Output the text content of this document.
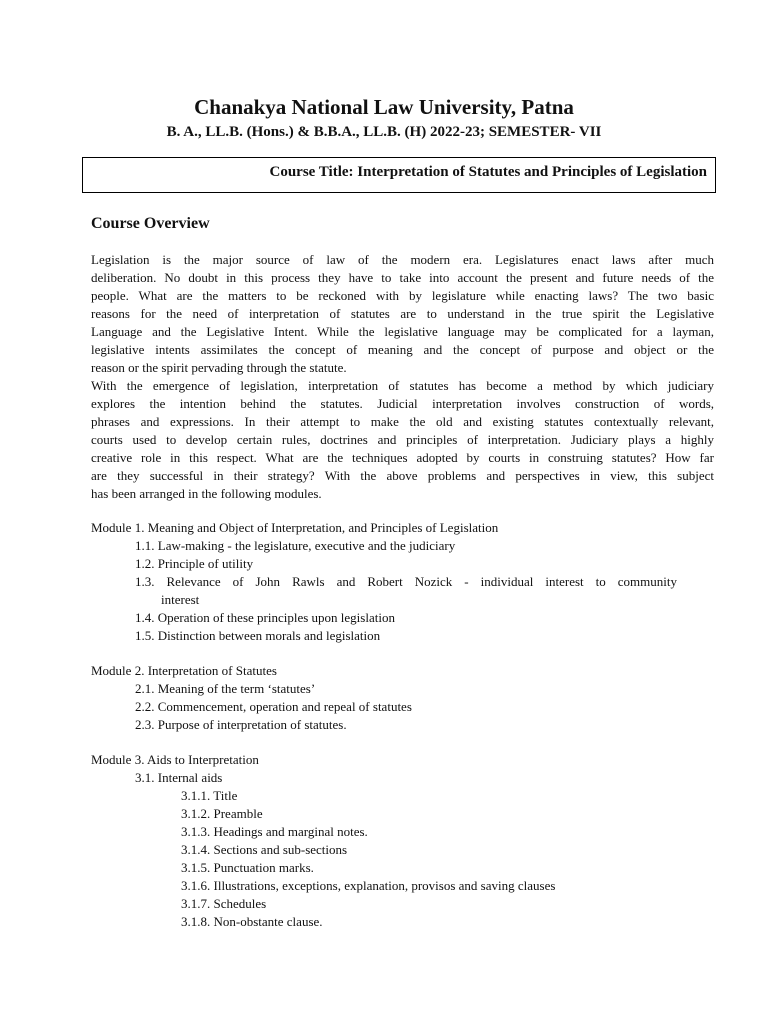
Chanakya National Law University, Patna
B. A., LL.B. (Hons.) & B.B.A., LL.B. (H) 2022-23; SEMESTER- VII
Course Title: Interpretation of Statutes and Principles of Legislation
Course Overview
Legislation is the major source of law of the modern era. Legislatures enact laws after much
deliberation. No doubt in this process they have to take into account the present and future needs of the
people. What are the matters to be reckoned with by legislature while enacting laws? The two basic
reasons for the need of interpretation of statutes are to understand in the true spirit the Legislative
Language and the Legislative Intent. While the legislative language may be complicated for a layman,
legislative intents assimilates the concept of meaning and the concept of purpose and object or the
reason or the spirit pervading through the statute.
With the emergence of legislation, interpretation of statutes has become a method by which judiciary
explores the intention behind the statutes. Judicial interpretation involves construction of words,
phrases and expressions. In their attempt to make the old and existing statutes contextually relevant,
courts used to develop certain rules, doctrines and principles of interpretation. Judiciary plays a highly
creative role in this respect. What are the techniques adopted by courts in construing statutes? How far
are they successful in their strategy? With the above problems and perspectives in view, this subject
has been arranged in the following modules.
Module 1. Meaning and Object of Interpretation, and Principles of Legislation
1.1. Law-making - the legislature, executive and the judiciary
1.2. Principle of utility
1.3. Relevance of John Rawls and Robert Nozick - individual interest to community
interest
1.4. Operation of these principles upon legislation
1.5. Distinction between morals and legislation
Module 2. Interpretation of Statutes
2.1. Meaning of the term ‘statutes’
2.2. Commencement, operation and repeal of statutes
2.3. Purpose of interpretation of statutes.
Module 3. Aids to Interpretation
3.1. Internal aids
3.1.1. Title
3.1.2. Preamble
3.1.3. Headings and marginal notes.
3.1.4. Sections and sub-sections
3.1.5. Punctuation marks.
3.1.6. Illustrations, exceptions, explanation, provisos and saving clauses
3.1.7. Schedules
3.1.8. Non-obstante clause.
